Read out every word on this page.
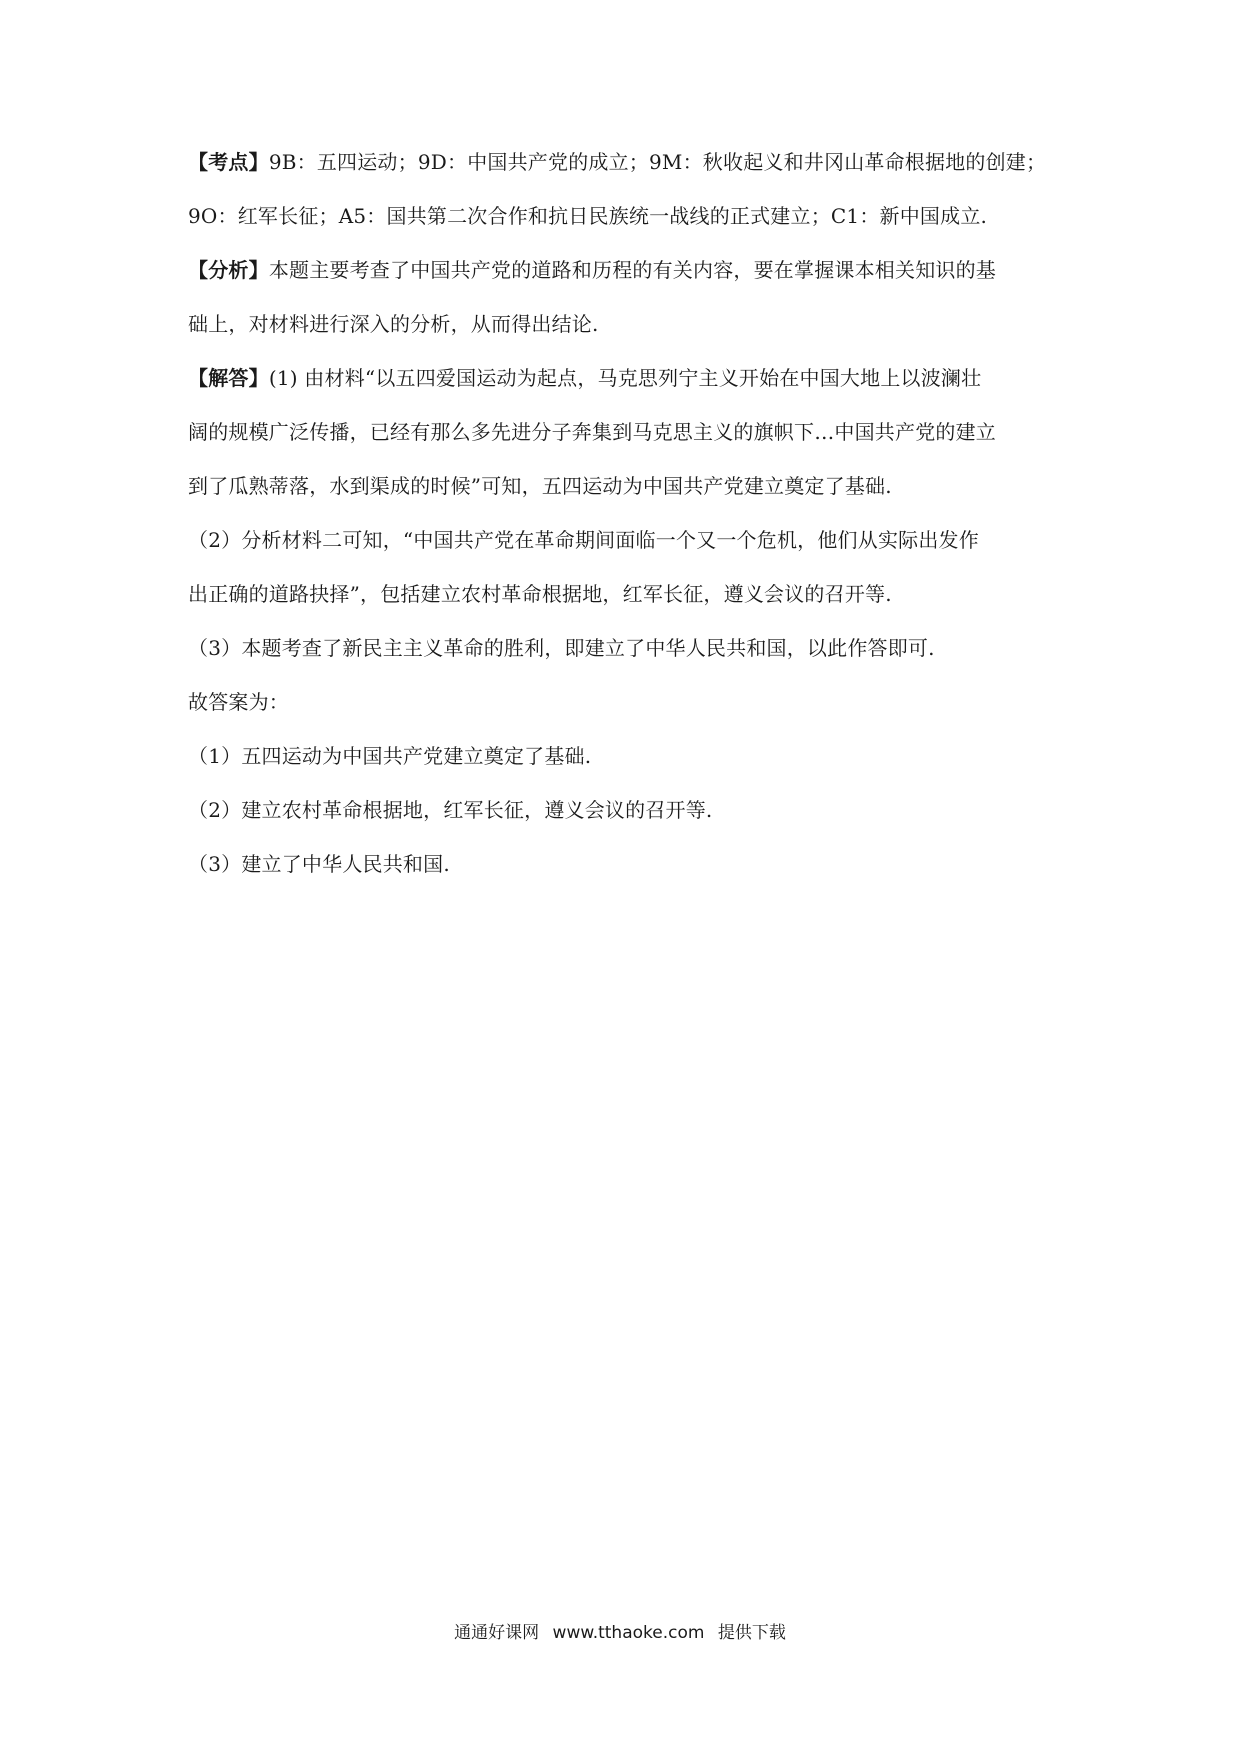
【考点】9B：五四运动；9D：中国共产党的成立；9M：秋收起义和井冈山革命根据地的创建；
9O：红军长征；A5：国共第二次合作和抗日民族统一战线的正式建立；C1：新中国成立.
【分析】本题主要考查了中国共产党的道路和历程的有关内容，要在掌握课本相关知识的基
础上，对材料进行深入的分析，从而得出结论.
【解答】(1) 由材料“以五四爱国运动为起点，马克思列宁主义开始在中国大地上以波澜壮
阔的规模广泛传播，已经有那么多先进分子奔集到马克思主义的旗帜下…中国共产党的建立
到了瓜熟蒂落，水到渠成的时候”可知，五四运动为中国共产党建立奠定了基础.
（2）分析材料二可知，“中国共产党在革命期间面临一个又一个危机，他们从实际出发作
出正确的道路抉择”，包括建立农村革命根据地，红军长征，遵义会议的召开等.
（3）本题考查了新民主主义革命的胜利，即建立了中华人民共和国，以此作答即可.
故答案为：
（1）五四运动为中国共产党建立奠定了基础.
（2）建立农村革命根据地，红军长征，遵义会议的召开等.
（3）建立了中华人民共和国.
通通好课网 www.tthaoke.com 提供下载
